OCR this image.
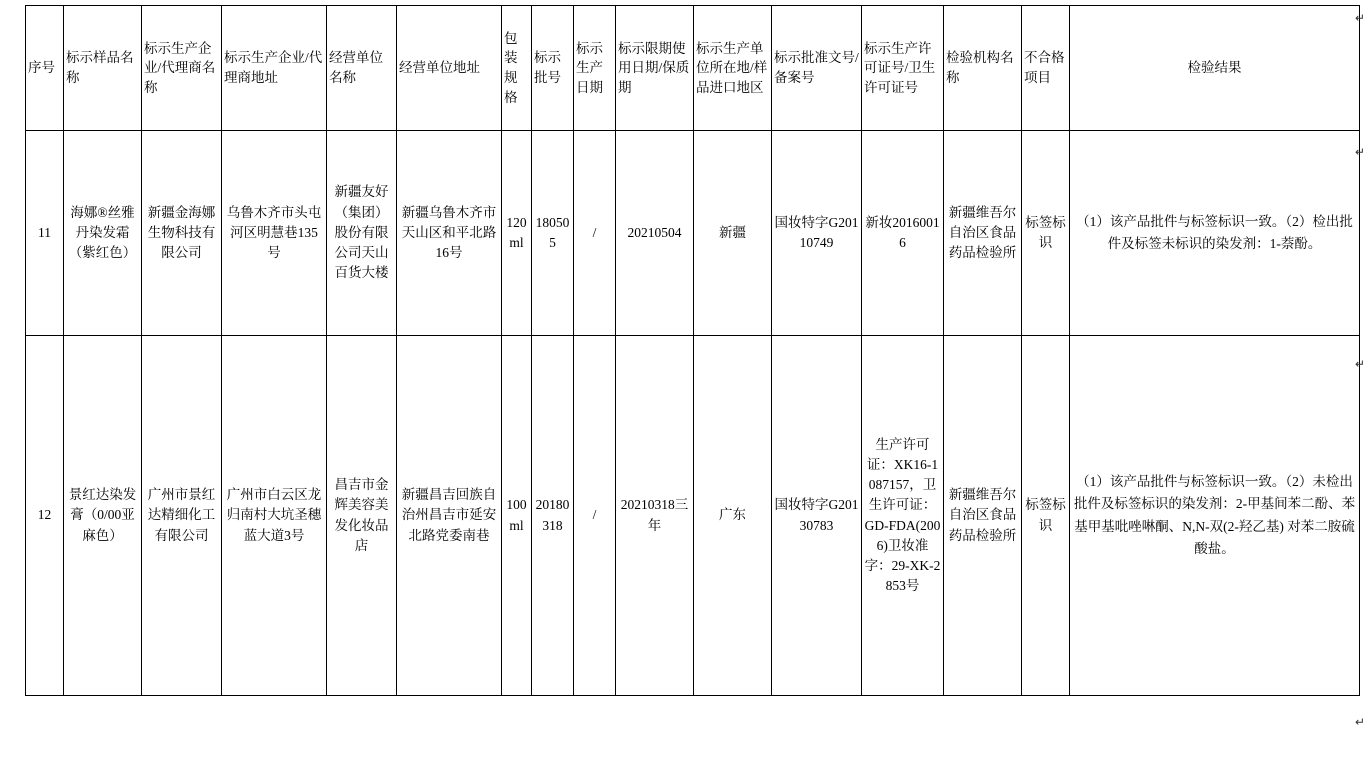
序号	标示样品名称	标示生产企业/代理商名称	标示生产企业/代理商地址	经营单位名称	经营单位地址	包装规格	标示批号	标示生产日期	标示限期使用日期/保质期	标示生产单位所在地/样品进口地区	标示批准文号/备案号	标示生产许可证号/卫生许可证号	检验机构名称	不合格项目	检验结果
11	海娜®丝雅丹染发霜（紫红色）	新疆金海娜生物科技有限公司	乌鲁木齐市头屯河区明慧巷135号	新疆友好（集团）股份有限公司天山百货大楼	新疆乌鲁木齐市天山区和平北路16号	120ml	180505	/	20210504	新疆	国妆特字G20110749	新妆20160016	新疆维吾尔自治区食品药品检验所	标签标识	（1）该产品批件与标签标识一致。（2）检出批件及标签未标识的染发剂：1-萘酚。
12	景红达染发膏（0/00亚麻色）	广州市景红达精细化工有限公司	广州市白云区龙归南村大坑圣穗蓝大道3号	昌吉市金辉美容美发化妆品店	新疆昌吉回族自治州昌吉市延安北路党委南巷	100ml	20180318	/	20210318三年	广东	国妆特字G20130783	生产许可证：XK16-1087157，卫生许可证：GD-FDA(2006)卫妆准字：29-XK-2853号	新疆维吾尔自治区食品药品检验所	标签标识	（1）该产品批件与标签标识一致。（2）未检出批件及标签标识的染发剂：2-甲基间苯二酚、苯基甲基吡唑啉酮、N,N-双(2-羟乙基) 对苯二胺硫酸盐。
↵
↵
↵
↵
